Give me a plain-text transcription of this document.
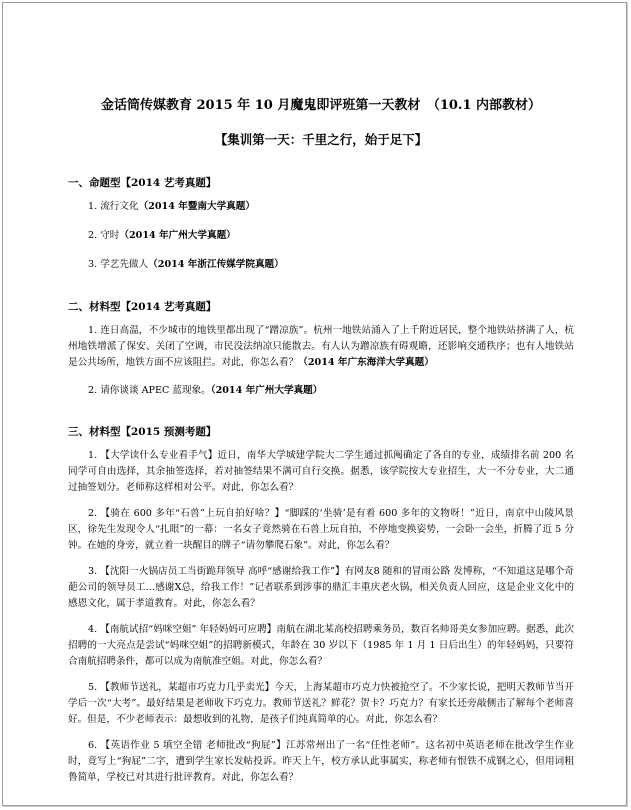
金话筒传媒教育 2015 年 10 月魔鬼即评班第一天教材　（10.1 内部教材）
【集训第一天：千里之行，始于足下】
一、命题型【2014 艺考真题】

1. 流行文化（2014 年暨南大学真题）

2. 守时（2014 年广州大学真题）

3. 学艺先做人（2014 年浙江传媒学院真题）

二、材料型【2014 艺考真题】

1. 连日高温，不少城市的地铁里都出现了“蹭凉族”。杭州一地铁站涌入了上千附近居民，整个地铁站挤满了人，杭州地铁增派了保安、关闭了空调，市民没法纳凉只能散去。有人认为蹭凉族有碍观瞻，还影响交通秩序；也有人地铁站是公共场所，地铁方面不应该阻拦。对此，你怎么看？（2014 年广东海洋大学真题）

2. 请你谈谈 APEC 蓝现象。（2014 年广州大学真题）

三、材料型【2015 预测考题】

1. 【大学读什么专业看手气】近日，南华大学城建学院大二学生通过抓阄确定了各自的专业，成绩排名前 200 名同学可自由选择，其余抽签选择，若对抽签结果不满可自行交换。据悉，该学院按大专业招生，大一不分专业，大二通过抽签划分。老师称这样相对公平。对此，你怎么看？

2. 【骑在 600 多年“石兽”上玩自拍好啥？】“脚踩的‘坐骑’是有着 600 多年的文物呀！”近日，南京中山陵风景区，徐先生发现令人“扎眼”的一幕：一名女子竟然骑在石兽上玩自拍，不停地变换姿势，一会卧一会坐，折腾了近 5 分钟。在她的身旁，就立着一块醒目的牌子“请勿攀爬石象”。对此，你怎么看？

3. 【沈阳一火锅店员工当街跪拜领导 高呼“感谢给我工作”】有网友8 随和的冒雨公路 发博称，“不知道这是哪个奇葩公司的领导员工…感谢X总，给我工作！”记者联系到涉事的鼎汇丰重庆老火锅，相关负责人回应，这是企业文化中的感恩文化，属于孝道教育。对此，你怎么看？

4. 【南航试招“妈咪空姐” 年轻妈妈可应聘】南航在湖北某高校招聘乘务员，数百名帅哥美女参加应聘。据悉，此次招聘的一大亮点是尝试“妈咪空姐”的招聘新模式，年龄在 30 岁以下（1985 年 1 月 1 日后出生）的年轻妈妈，只要符合南航招聘条件，都可以成为南航准空姐。对此，你怎么看？

5. 【教师节送礼，某超市巧克力几乎卖光】今天，上海某超市巧克力快被抢空了。不少家长说，把明天教师节当开学后一次“大考”。最好结果是老师收下巧克力。教师节送礼？鲜花？贺卡？巧克力？有家长还旁敲侧击了解每个老师喜好。但是，不少老师表示：最想收到的礼物，是孩子们纯真简单的心。对此，你怎么看？

6. 【英语作业 5 填空全错 老师批改“狗屁”】江苏常州出了一名“任性老师”。这名初中英语老师在批改学生作业时，竟写上“狗屁”二字，遭到学生家长发帖投诉。昨天上午，校方承认此事属实，称老师有恨铁不成钢之心，但用词粗鲁简单，学校已对其进行批评教育。对此，你怎么看？
